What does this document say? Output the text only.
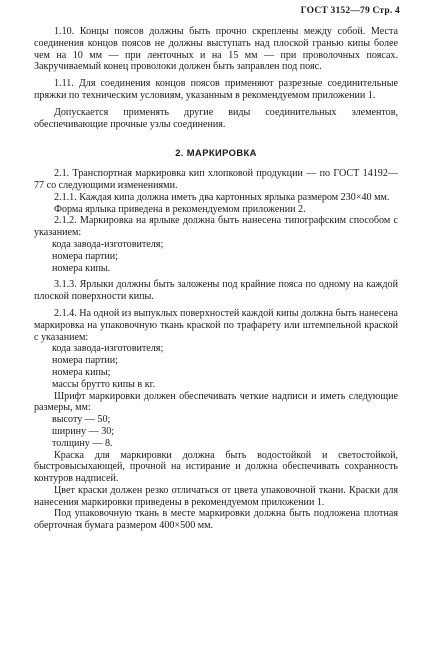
ГОСТ 3152—79 Стр. 4

1.10. Концы поясов должны быть прочно скреплены между собой. Места соединения концов поясов не должны выступать над плоской гранью кипы более чем на 10 мм — при ленточных и на 15 мм — при проволочных поясах. Закручиваемый конец проволоки должен быть заправлен под пояс.

1.11. Для соединения концов поясов применяют разрезные соединительные пряжки по техническим условиям, указанным в рекомендуемом приложении 1.

Допускается применять другие виды соединительных элементов, обеспечивающие прочные узлы соединения.

2. МАРКИРОВКА

2.1. Транспортная маркировка кип хлопковой продукции — по ГОСТ 14192—77 со следующими изменениями.

2.1.1. Каждая кипа должна иметь два картонных ярлыка размером 230×40 мм.

Форма ярлыка приведена в рекомендуемом приложении 2.

2.1.2. Маркировка на ярлыке должна быть нанесена типографским способом с указанием:

кода завода-изготовителя;

номера партии;

номера кипы.

3.1.3. Ярлыки должны быть заложены под крайние пояса по одному на каждой плоской поверхности кипы.

2.1.4. На одной из выпуклых поверхностей каждой кипы должна быть нанесена маркировка на упаковочную ткань краской по трафарету или штемпельной краской с указанием:

кода завода-изготовителя;

номера партии;

номера кипы;

массы брутто кипы в кг.

Шрифт маркировки должен обеспечивать четкие надписи и иметь следующие размеры, мм:

высоту — 50;

ширину — 30;

толщину — 8.

Краска для маркировки должна быть водостойкой и светостойкой, быстровысыхающей, прочной на истирание и должна обеспечивать сохранность контуров надписей.

Цвет краски должен резко отличаться от цвета упаковочной ткани. Краски для нанесения маркировки приведены в рекомендуемом приложении 1.

Под упаковочную ткань в месте маркировки должна быть подложена плотная оберточная бумага размером 400×500 мм.
